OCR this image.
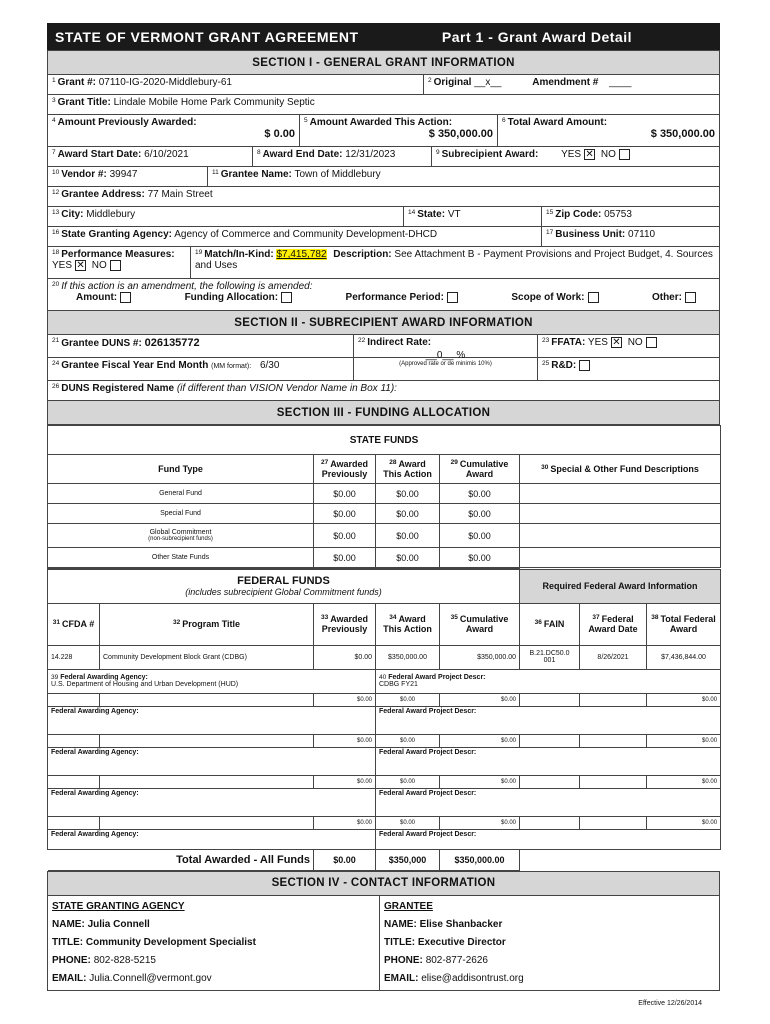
STATE OF VERMONT GRANT AGREEMENT	Part 1 - Grant Award Detail
SECTION I - GENERAL GRANT INFORMATION
$^1$ Grant #: 07110-IG-2020-Middlebury-61	$^2$ Original __x__	Amendment # ____
$^3$ Grant Title: Lindale Mobile Home Park Community Septic
$^4$ Amount Previously Awarded:
$ 0.00
$^5$ Amount Awarded This Action:
$ 350,000.00
$^6$ Total Award Amount:
$ 350,000.00
$^7$ Award Start Date: 6/10/2021	$^8$ Award End Date: 12/31/2023	$^9$ Subrecipient Award: YES ✕ NO
$^{10}$ Vendor #: 39947	$^{11}$ Grantee Name: Town of Middlebury
$^{12}$ Grantee Address: 77 Main Street
$^{13}$ City: Middlebury	$^{14}$ State: VT	$^{15}$ Zip Code: 05753
$^{16}$ State Granting Agency: Agency of Commerce and Community Development-DHCD	$^{17}$ Business Unit: 07110
$^{18}$ Performance Measures:
YES ✕ NO
$^{19}$ Match/In-Kind: $7,415,782 Description: See Attachment B - Payment Provisions and Project Budget, 4. Sources and Uses
$^{20}$ If this action is an amendment, the following is amended:

Amount:	Funding Allocation:	Performance Period:	Scope of Work:	Other:
SECTION II - SUBRECIPIENT AWARD INFORMATION
$^{21}$ Grantee DUNS #: 026135772	$^{22}$ Indirect Rate:	$^{23}$ FFATA: YES ✕ NO
$^{24}$ Grantee Fiscal Year End Month (MM format): 6/30
__0__ %
(Approved rate or de minimis 10%)	$^{25}$ R&D:
$^{26}$ DUNS Registered Name (if different than VISION Vendor Name in Box 11):
SECTION III - FUNDING ALLOCATION
STATE FUNDS				
Fund Type	$^{27}$ Awarded Previously	$^{28}$ Award This Action	$^{29}$ Cumulative Award	$^{30}$ Special & Other Fund Descriptions
General Fund	$0.00	$0.00	$0.00	
Special Fund	$0.00	$0.00	$0.00	

Global Commitment
(non-subrecipient funds)	$0.00	$0.00	$0.00	
Other State Funds	$0.00	$0.00	$0.00	
FEDERAL FUNDS
(includes subrecipient Global Commitment funds)					Required Federal Award Information		
$^{31}$ CFDA #	$^{32}$ Program Title	$^{33}$ Awarded Previously	$^{34}$ Award This Action	$^{35}$ Cumulative Award	$^{36}$ FAIN	$^{37}$ Federal Award Date	$^{38}$ Total Federal Award
14.228	Community Development Block Grant (CDBG)	$0.00	$350,000.00	$350,000.00	B.21.DC50.0 001	8/26/2021	$7,436,844.00
$^{39}$ Federal Awarding Agency:
U.S. Department of Housing and Urban Development (HUD)			$^{40}$ Federal Award Project Descr:
CDBG FY21				
		$0.00	$0.00	$0.00			$0.00
Federal Awarding Agency:			Federal Award Project Descr:				
		$0.00	$0.00	$0.00			$0.00
Federal Awarding Agency:			Federal Award Project Descr:				
		$0.00	$0.00	$0.00			$0.00
Federal Awarding Agency:			Federal Award Project Descr:				
		$0.00	$0.00	$0.00			$0.00
Federal Awarding Agency:			Federal Award Project Descr:				
Total Awarded - All Funds		$0.00	$350,000	$350,000.00			
SECTION IV - CONTACT INFORMATION
STATE GRANTING AGENCY
NAME: Julia Connell
TITLE: Community Development Specialist
PHONE: 802-828-5215
EMAIL: Julia.Connell@vermont.gov
GRANTEE
NAME: Elise Shanbacker
TITLE: Executive Director
PHONE: 802-877-2626
EMAIL: elise@addisontrust.org
Effective 12/26/2014
